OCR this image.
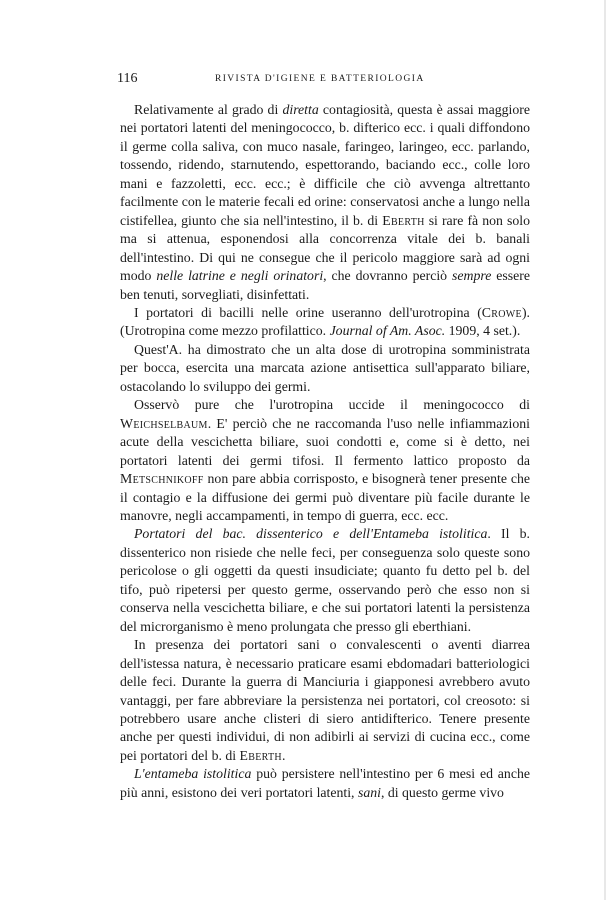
116	RIVISTA D'IGIENE E BATTERIOLOGIA

Relativamente al grado di diretta contagiosità, questa è assai maggiore nei portatori latenti del meningococco, b. difterico ecc. i quali diffondono il germe colla saliva, con muco nasale, faringeo, laringeo, ecc. parlando, tossendo, ridendo, starnutendo, espettorando, baciando ecc., colle loro mani e fazzoletti, ecc. ecc.; è difficile che ciò avvenga altrettanto facilmente con le materie fecali ed orine: conservatosi anche a lungo nella cistifellea, giunto che sia nell'intestino, il b. di Eberth si rare fà non solo ma si attenua, esponendosi alla concorrenza vitale dei b. banali dell'intestino. Di qui ne consegue che il pericolo maggiore sarà ad ogni modo nelle latrine e negli orinatori, che dovranno perciò sempre essere ben tenuti, sorvegliati, disinfettati.

I portatori di bacilli nelle orine useranno dell'urotropina (Crowe). (Urotropina come mezzo profilattico. Journal of Am. Asoc. 1909, 4 set.).

Quest'A. ha dimostrato che un alta dose di urotropina somministrata per bocca, esercita una marcata azione antisettica sull'apparato biliare, ostacolando lo sviluppo dei germi.

Osservò pure che l'urotropina uccide il meningococco di Weichselbaum. E' perciò che ne raccomanda l'uso nelle infiammazioni acute della vescichetta biliare, suoi condotti e, come si è detto, nei portatori latenti dei germi tifosi. Il fermento lattico proposto da Metschnikoff non pare abbia corrisposto, e bisognerà tener presente che il contagio e la diffusione dei germi può diventare più facile durante le manovre, negli accampamenti, in tempo di guerra, ecc. ecc.

Portatori del bac. dissenterico e dell'Entameba istolitica. Il b. dissenterico non risiede che nelle feci, per conseguenza solo queste sono pericolose o gli oggetti da questi insudiciate; quanto fu detto pel b. del tifo, può ripetersi per questo germe, osservando però che esso non si conserva nella vescichetta biliare, e che sui portatori latenti la persistenza del microrganismo è meno prolungata che presso gli eberthiani.

In presenza dei portatori sani o convalescenti o aventi diarrea dell'istessa natura, è necessario praticare esami ebdomadari batteriologici delle feci. Durante la guerra di Manciuria i giapponesi avrebbero avuto vantaggi, per fare abbreviare la persistenza nei portatori, col creosoto: si potrebbero usare anche clisteri di siero antidifterico. Tenere presente anche per questi individui, di non adibirli ai servizi di cucina ecc., come pei portatori del b. di Eberth.

L'entameba istolitica può persistere nell'intestino per 6 mesi ed anche più anni, esistono dei veri portatori latenti, sani, di questo germe vivo
